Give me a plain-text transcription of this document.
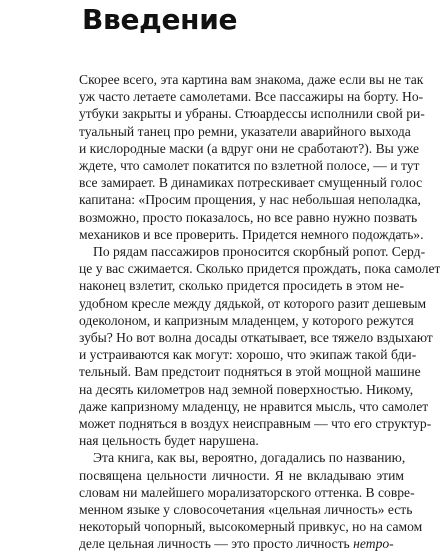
Введение

Скорее всего, эта картина вам знакома, даже если вы не так
уж часто летаете самолетами. Все пассажиры на борту. Но-
утбуки закрыты и убраны. Стюардессы исполнили свой ри-
туальный танец про ремни, указатели аварийного выхода
и кислородные маски (а вдруг они не сработают?). Вы уже
ждете, что самолет покатится по взлетной полосе, — и тут
все замирает. В динамиках потрескивает смущенный голос
капитана: «Просим прощения, у нас небольшая неполадка,
возможно, просто показалось, но все равно нужно позвать
механиков и все проверить. Придется немного подождать».

По рядам пассажиров проносится скорбный ропот. Серд-
це у вас сжимается. Сколько придется прождать, пока самолет
наконец взлетит, сколько придется просидеть в этом не-
удобном кресле между дядькой, от которого разит дешевым
одеколоном, и капризным младенцем, у которого режутся
зубы? Но вот волна досады откатывает, все тяжело вздыхают
и устраиваются как могут: хорошо, что экипаж такой бди-
тельный. Вам предстоит подняться в этой мощной машине
на десять километров над земной поверхностью. Никому,
даже капризному младенцу, не нравится мысль, что самолет
может подняться в воздух неисправным — что его структур-
ная цельность будет нарушена.

Эта книга, как вы, вероятно, догадались по названию,
посвящена цельности личности. Я не вкладываю этим
словам ни малейшего морализаторского оттенка. В совре-
менном языке у словосочетания «цельная личность» есть
некоторый чопорный, высокомерный привкус, но на самом
деле цельная личность — это просто личность нетро-
